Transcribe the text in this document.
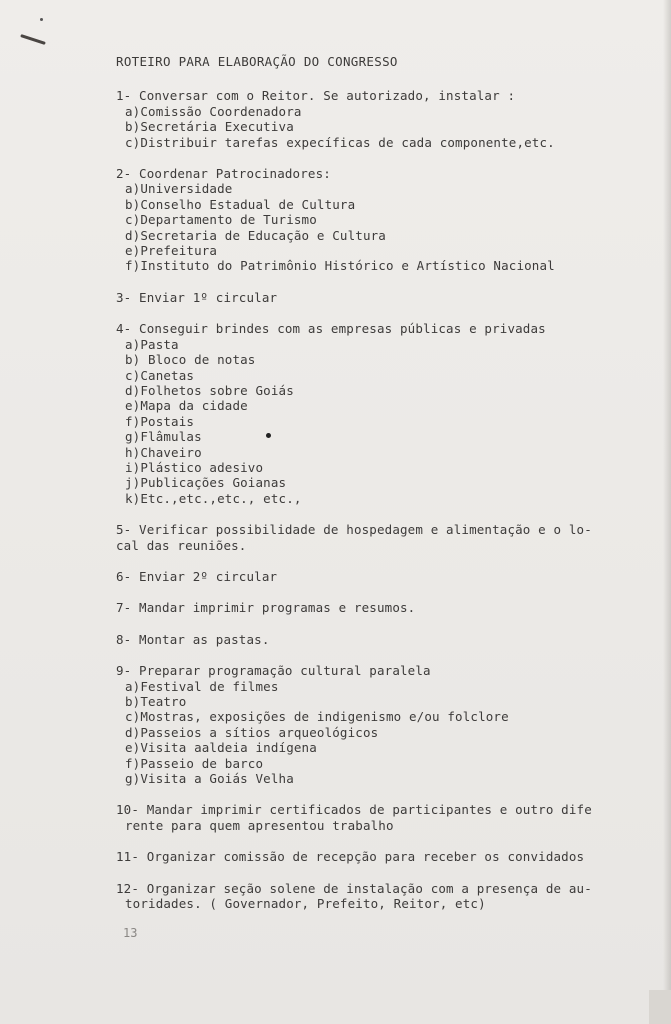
ROTEIRO PARA ELABORAÇÃO DO CONGRESSO
1- Conversar com o Reitor. Se autorizado, instalar :
a)Comissão Coordenadora
b)Secretária Executiva
c)Distribuir tarefas expecíficas de cada componente,etc.
2- Coordenar Patrocinadores:
a)Universidade
b)Conselho Estadual de Cultura
c)Departamento de Turismo
d)Secretaria de Educação e Cultura
e)Prefeitura
f)Instituto do Patrimônio Histórico e Artístico Nacional
3- Enviar 1º circular
4- Conseguir brindes com as empresas públicas e privadas
a)Pasta
b) Bloco de notas
c)Canetas
d)Folhetos sobre Goiás
e)Mapa da cidade
f)Postais
g)Flâmulas
h)Chaveiro
i)Plástico adesivo
j)Publicações Goianas
k)Etc.,etc.,etc., etc.,
5- Verificar possibilidade de hospedagem e alimentação e o lo-
cal das reuniões.
6- Enviar 2º circular
7- Mandar imprimir programas e resumos.
8- Montar as pastas.
9- Preparar programação cultural paralela
a)Festival de filmes
b)Teatro
c)Mostras, exposições de indigenismo e/ou folclore
d)Passeios a sítios arqueológicos
e)Visita aaldeia indígena
f)Passeio de barco
g)Visita a Goiás Velha
10- Mandar imprimir certificados de participantes e outro dife
rente para quem apresentou trabalho
11- Organizar comissão de recepção para receber os convidados
12- Organizar seção solene de instalação com a presença de au-
toridades. ( Governador, Prefeito, Reitor, etc)
13
